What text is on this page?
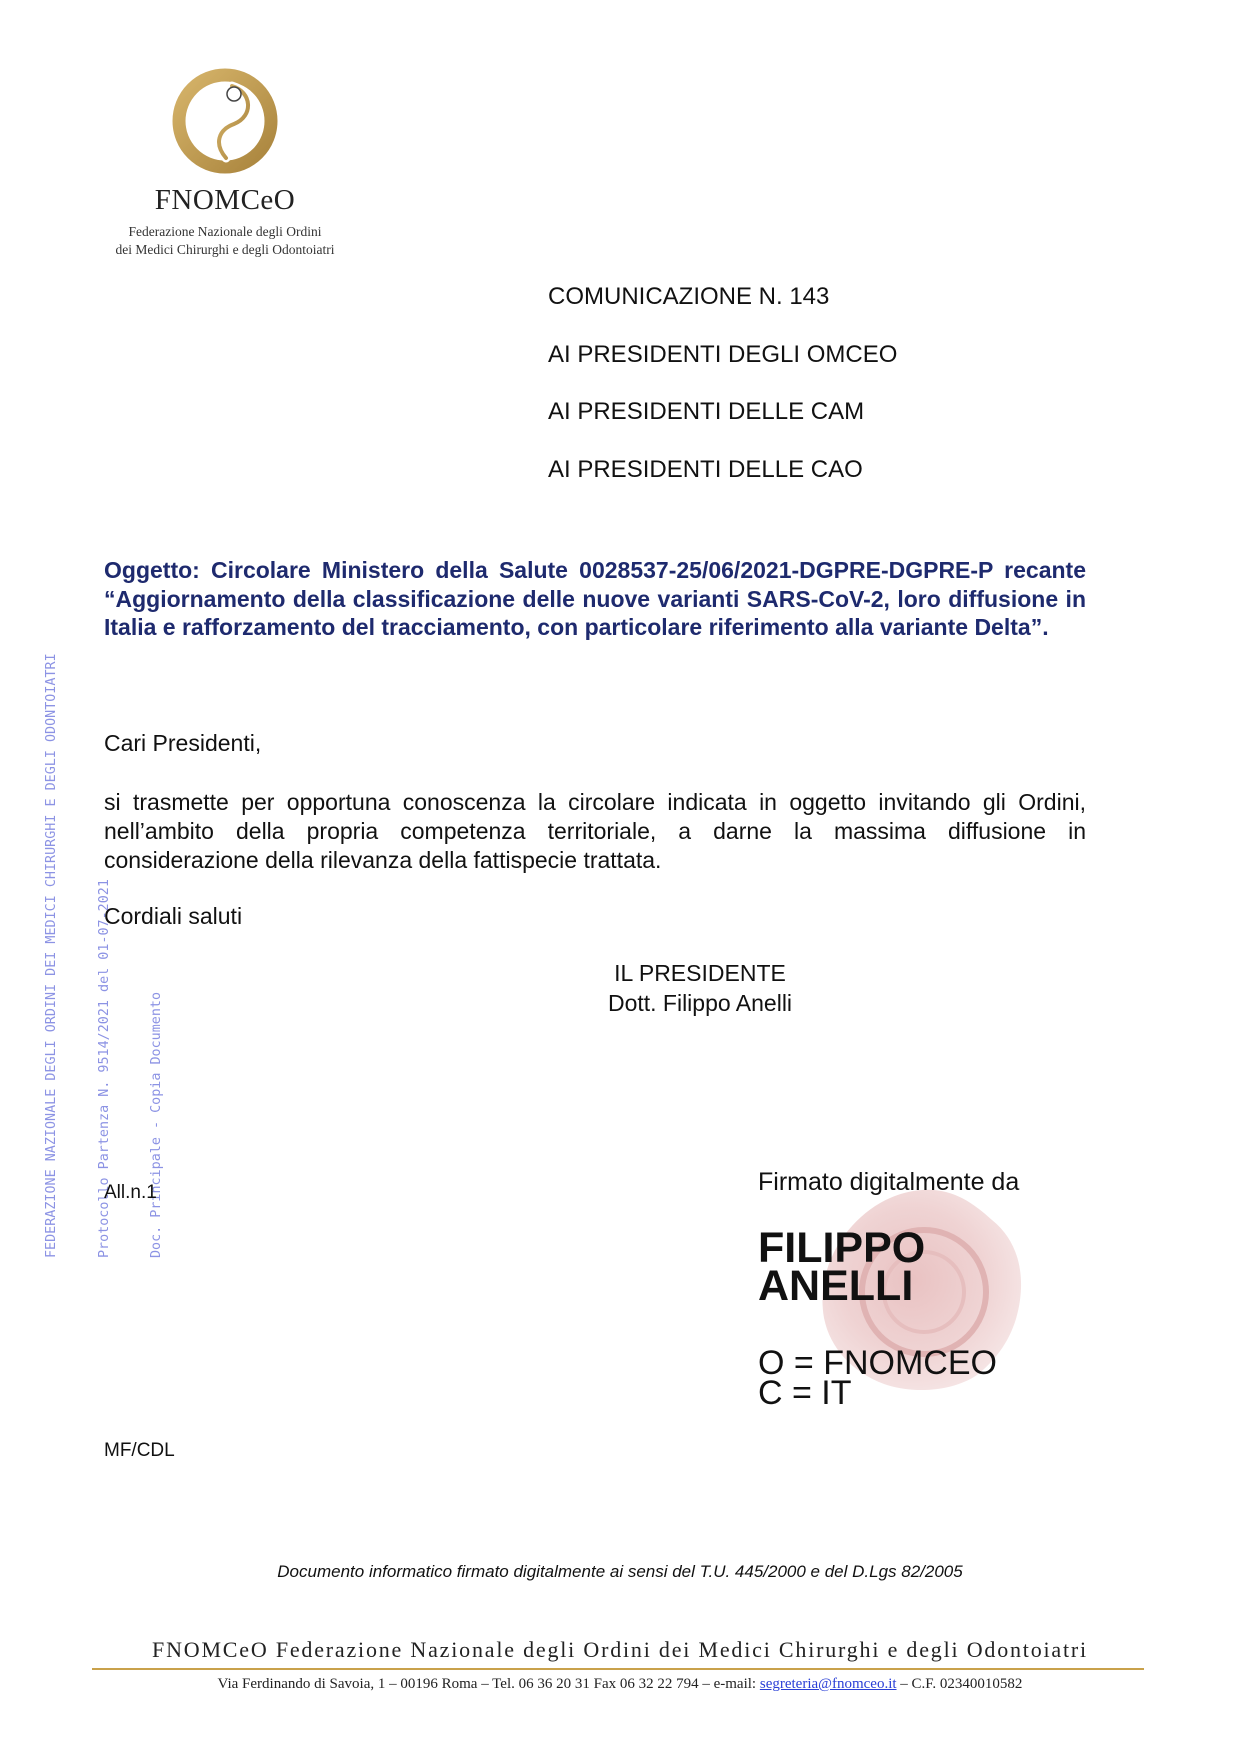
FNOMCeO
Federazione Nazionale degli Ordini
dei Medici Chirurghi e degli Odontoiatri
COMUNICAZIONE N. 143
AI PRESIDENTI DEGLI OMCEO
AI PRESIDENTI DELLE CAM
AI PRESIDENTI DELLE CAO

FEDERAZIONE NAZIONALE DEGLI ORDINI DEI MEDICI CHIRURGHI E DEGLI ODONTOIATRI

	Protocollo Partenza N. 9514/2021 del 01-07-2021

	Doc. Principale - Copia Documento

Oggetto: Circolare Ministero della Salute 0028537-25/06/2021-DGPRE-DGPRE-P recante “Aggiornamento della classificazione delle nuove varianti SARS-CoV-2, loro diffusione in Italia e rafforzamento del tracciamento, con particolare riferimento alla variante Delta”.
Cari Presidenti,
si trasmette per opportuna conoscenza la circolare indicata in oggetto invitando gli Ordini, nell’ambito della propria competenza territoriale, a darne la massima diffusione in considerazione della rilevanza della fattispecie trattata.
Cordiali saluti
IL PRESIDENTE
Dott. Filippo Anelli
All.n.1	Firmato digitalmente da
FILIPPO
ANELLI
O = FNOMCEO
C = IT
MF/CDL
Documento informatico firmato digitalmente ai sensi del T.U. 445/2000 e del D.Lgs 82/2005
FNOMCeO Federazione Nazionale degli Ordini dei Medici Chirurghi e degli Odontoiatri
Via Ferdinando di Savoia, 1 – 00196 Roma – Tel. 06 36 20 31 Fax 06 32 22 794 – e-mail: segreteria@fnomceo.it – C.F. 02340010582
